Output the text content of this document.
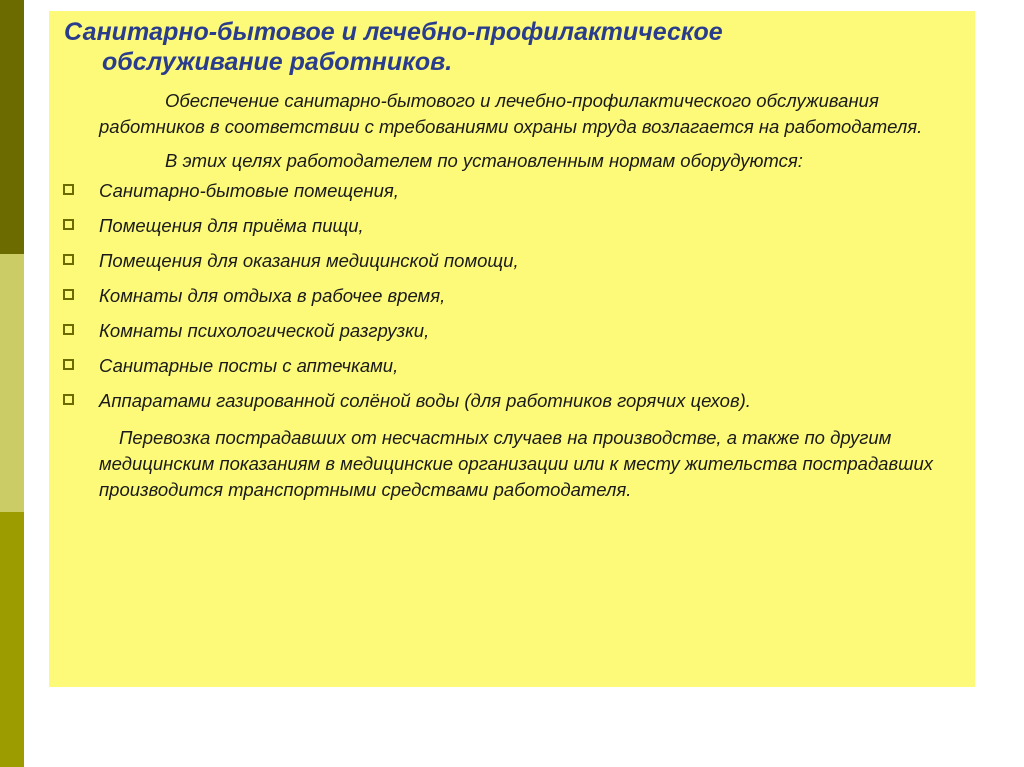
Санитарно-бытовое и лечебно-профилактическое
обслуживание работников.

Обеспечение санитарно-бытового и лечебно-профилактического обслуживания работников в соответствии с требованиями охраны труда возлагается на работодателя.

В этих целях работодателем по установленным нормам оборудуются:

Санитарно-бытовые помещения,
Помещения для приёма пищи,
Помещения для оказания медицинской помощи,
Комнаты для отдыха в рабочее время,
Комнаты психологической разгрузки,
Санитарные посты с аптечками,
Аппаратами газированной солёной воды (для работников горячих цехов).

Перевозка пострадавших от несчастных случаев на производстве, а также по другим медицинским показаниям в медицинские организации или к месту жительства пострадавших производится транспортными средствами работодателя.
